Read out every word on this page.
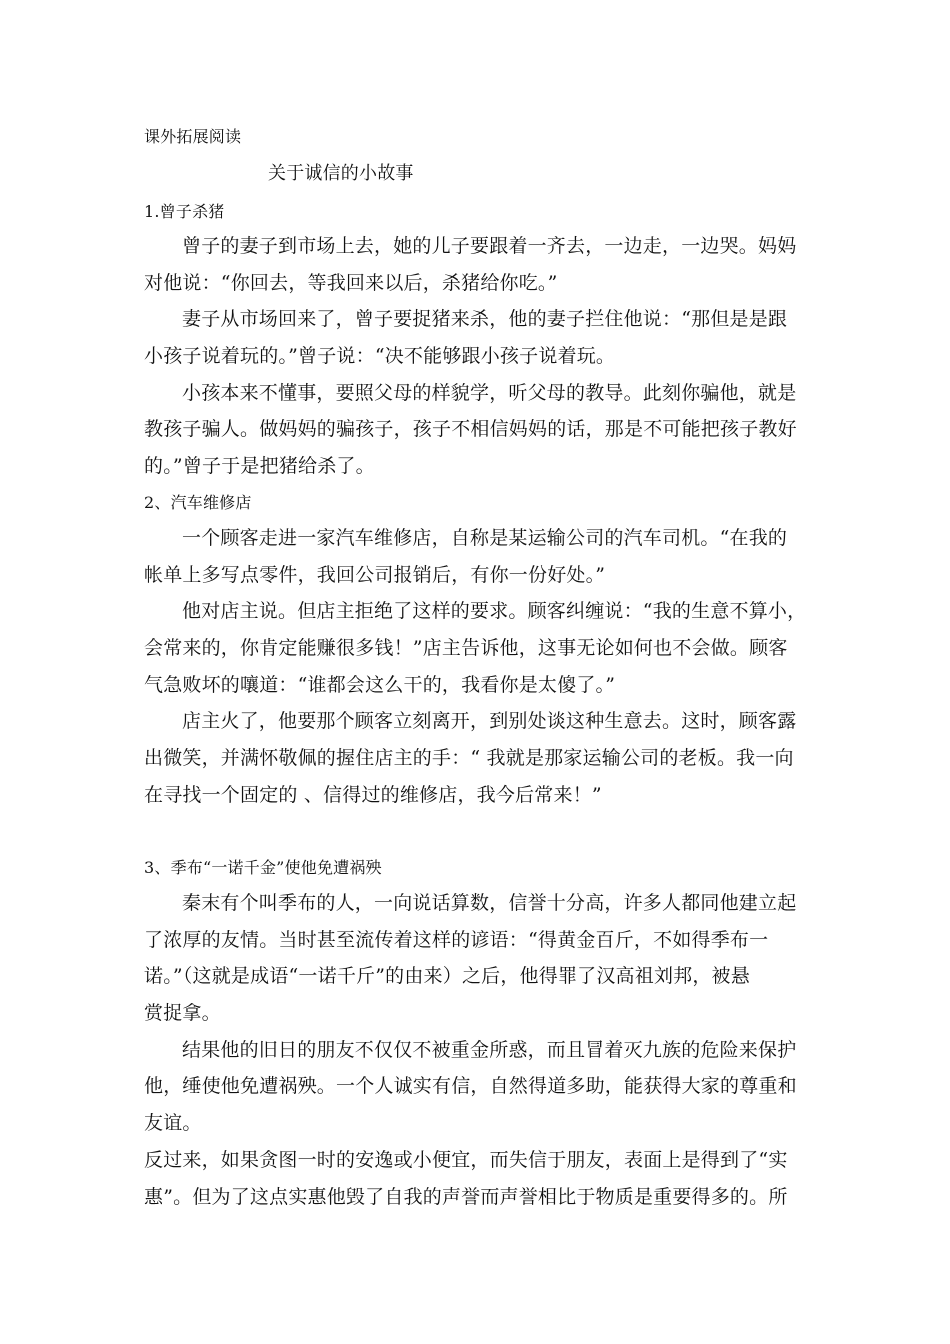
课外拓展阅读
关于诚信的小故事
1.曾子杀猪
曾子的妻子到市场上去，她的儿子要跟着一齐去，一边走，一边哭。妈妈
对他说：“你回去，等我回来以后，杀猪给你吃。”
妻子从市场回来了，曾子要捉猪来杀，他的妻子拦住他说：“那但是是跟
小孩子说着玩的。”曾子说：“决不能够跟小孩子说着玩。
小孩本来不懂事，要照父母的样貌学，听父母的教导。此刻你骗他，就是
教孩子骗人。做妈妈的骗孩子，孩子不相信妈妈的话，那是不可能把孩子教好
的。”曾子于是把猪给杀了。
2、汽车维修店
一个顾客走进一家汽车维修店，自称是某运输公司的汽车司机。“在我的
帐单上多写点零件，我回公司报销后，有你一份好处。”
他对店主说。但店主拒绝了这样的要求。顾客纠缠说：“我的生意不算小，
会常来的，你肯定能赚很多钱！”店主告诉他，这事无论如何也不会做。顾客
气急败坏的嚷道：“谁都会这么干的，我看你是太傻了。”
店主火了，他要那个顾客立刻离开，到别处谈这种生意去。这时，顾客露
出微笑，并满怀敬佩的握住店主的手：“ 我就是那家运输公司的老板。我一向
在寻找一个固定的 、信得过的维修店，我今后常来！”
3、季布“一诺千金”使他免遭祸殃
秦末有个叫季布的人，一向说话算数，信誉十分高，许多人都同他建立起
了浓厚的友情。当时甚至流传着这样的谚语：“得黄金百斤，不如得季布一
诺。”（这就是成语“一诺千斤”的由来）之后，他得罪了汉高祖刘邦，被悬
赏捉拿。
结果他的旧日的朋友不仅仅不被重金所惑，而且冒着灭九族的危险来保护
他，缍使他免遭祸殃。一个人诚实有信，自然得道多助，能获得大家的尊重和
友谊。
反过来，如果贪图一时的安逸或小便宜，而失信于朋友，表面上是得到了“实
惠”。但为了这点实惠他毁了自我的声誉而声誉相比于物质是重要得多的。所
